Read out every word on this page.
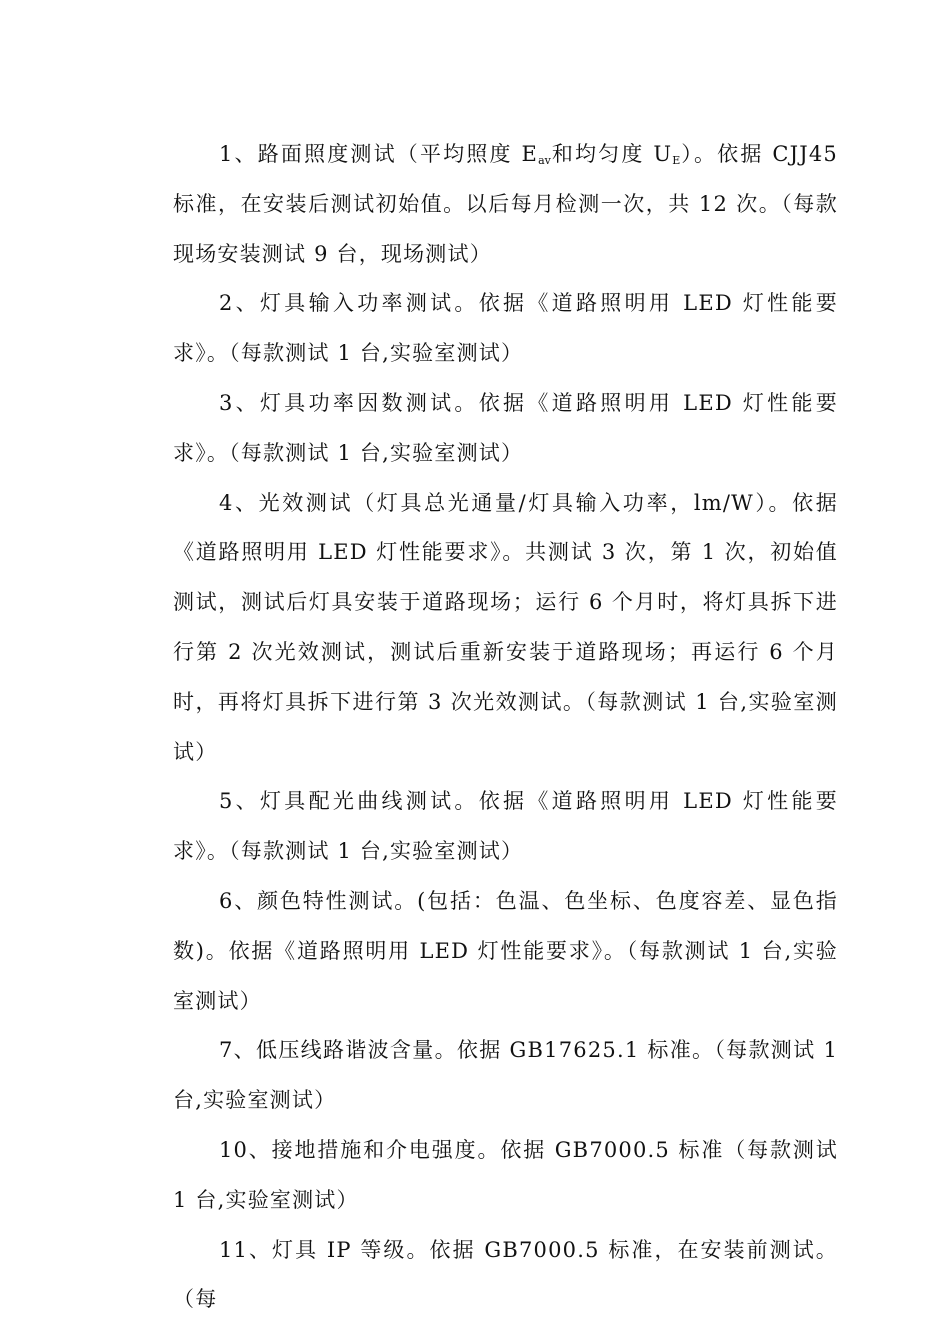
1、路面照度测试（平均照度 $E_{av}$和均匀度 $U_E$）。依据 CJJ45 标准，在安装后测试初始值。以后每月检测一次，共 12 次。（每款现场安装测试 9 台，现场测试）

2、灯具输入功率测试。依据《道路照明用 LED 灯性能要求》。（每款测试 1 台,实验室测试）

3、灯具功率因数测试。依据《道路照明用 LED 灯性能要求》。（每款测试 1 台,实验室测试）

4、光效测试（灯具总光通量/灯具输入功率，lm/W）。依据《道路照明用 LED 灯性能要求》。共测试 3 次，第 1 次，初始值测试，测试后灯具安装于道路现场；运行 6 个月时，将灯具拆下进行第 2 次光效测试，测试后重新安装于道路现场；再运行 6 个月时，再将灯具拆下进行第 3 次光效测试。（每款测试 1 台,实验室测试）

5、灯具配光曲线测试。依据《道路照明用 LED 灯性能要求》。（每款测试 1 台,实验室测试）

6、颜色特性测试。(包括：色温、色坐标、色度容差、显色指数)。依据《道路照明用 LED 灯性能要求》。（每款测试 1 台,实验室测试）

7、低压线路谐波含量。依据 GB17625.1 标准。（每款测试 1 台,实验室测试）

10、接地措施和介电强度。依据 GB7000.5 标准（每款测试 1 台,实验室测试）

11、灯具 IP 等级。依据 GB7000.5 标准，在安装前测试。（每
